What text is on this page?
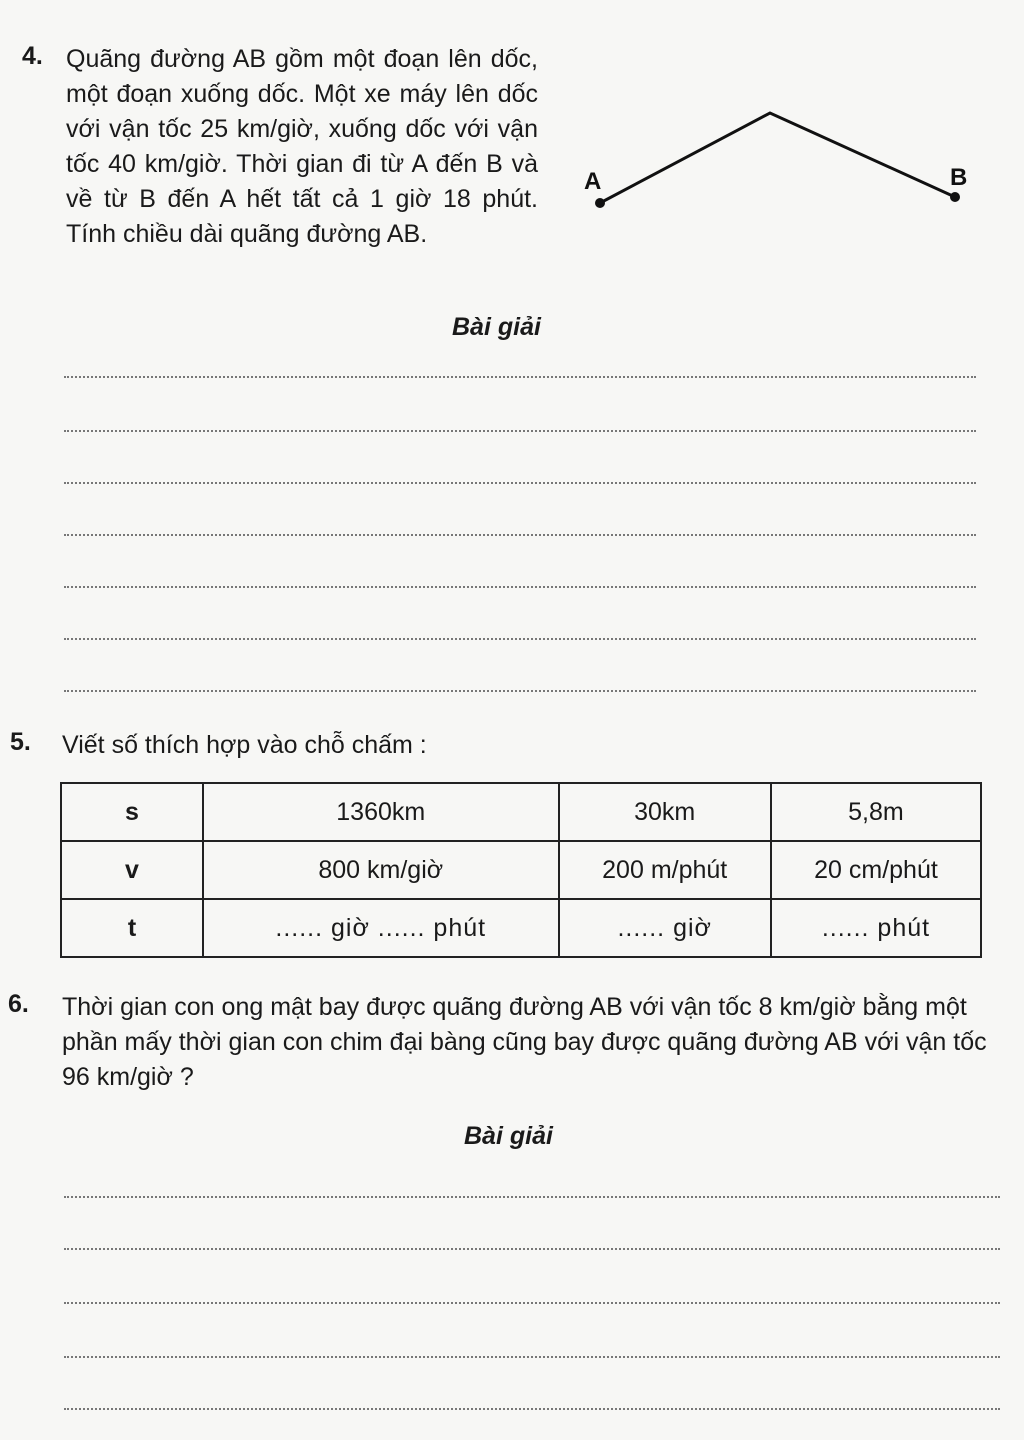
4. Quãng đường AB gồm một đoạn lên dốc, một đoạn xuống dốc. Một xe máy lên dốc với vận tốc 25 km/giờ, xuống dốc với vận tốc 40 km/giờ. Thời gian đi từ A đến B và về từ B đến A hết tất cả 1 giờ 18 phút. Tính chiều dài quãng đường AB.
A	B
Bài giải
5. Viết số thích hợp vào chỗ chấm :
s	1360km	30km	5,8m
v	800 km/giờ	200 m/phút	20 cm/phút
t	...... giờ ...... phút	...... giờ	...... phút
6. Thời gian con ong mật bay được quãng đường AB với vận tốc 8 km/giờ bằng một phần mấy thời gian con chim đại bàng cũng bay được quãng đường AB với vận tốc 96 km/giờ ?
Bài giải
